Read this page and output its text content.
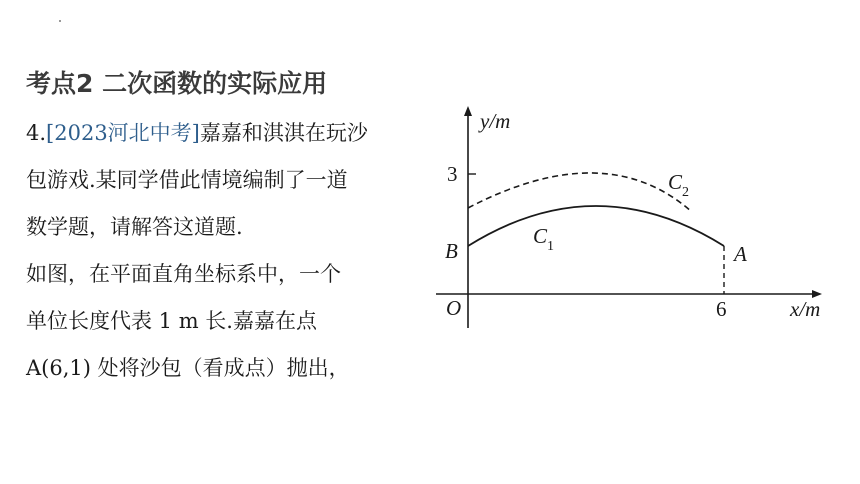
考点2 二次函数的实际应用
4.[2023河北中考]嘉嘉和淇淇在玩沙
包游戏.某同学借此情境编制了一道
数学题，请解答这道题.
如图，在平面直角坐标系中，一个
单位长度代表 1 m 长.嘉嘉在点
A(6,1) 处将沙包（看成点）抛出，
y/m
x/m
O
3
6
B	A
C 1
C 2
